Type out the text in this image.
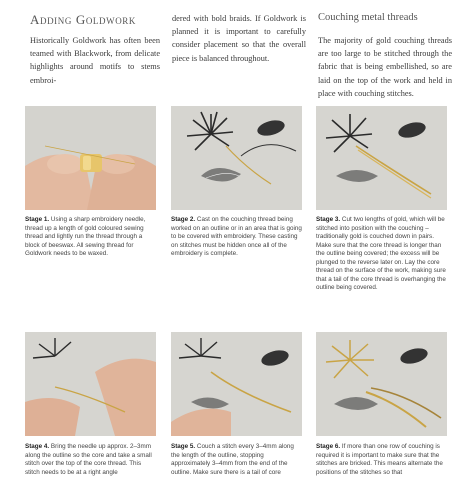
Adding Goldwork
Historically Goldwork has often been teamed with Blackwork, from delicate highlights around motifs to stems embroi-
dered with bold braids. If Goldwork is planned it is important to carefully consider placement so that the overall piece is balanced throughout.
Couching metal threads
The majority of gold couching threads are too large to be stitched through the fabric that is being embellished, so are laid on the top of the work and held in place with couching stitches.
Stage 1. Using a sharp embroidery needle, thread up a length of gold coloured sewing thread and lightly run the thread through a block of beeswax. All sewing thread for Goldwork needs to be waxed.
Stage 2. Cast on the couching thread being worked on an outline or in an area that is going to be covered with embroidery. These casting on stitches must be hidden once all of the embroidery is complete.
Stage 3. Cut two lengths of gold, which will be stitched into position with the couching – traditionally gold is couched down in pairs. Make sure that the core thread is longer than the outline being covered; the excess will be plunged to the reverse later on. Lay the core thread on the surface of the work, making sure that a tail of the core thread is overhanging the outline being covered.
Stage 4. Bring the needle up approx. 2–3mm along the outline so the core and take a small stitch over the top of the core thread. This stitch needs to be at a right angle
Stage 5. Couch a stitch every 3–4mm along the length of the outline, stopping approximately 3–4mm from the end of the outline. Make sure there is a tail of core
Stage 6. If more than one row of couching is required it is important to make sure that the stitches are bricked. This means alternate the positions of the stitches so that
